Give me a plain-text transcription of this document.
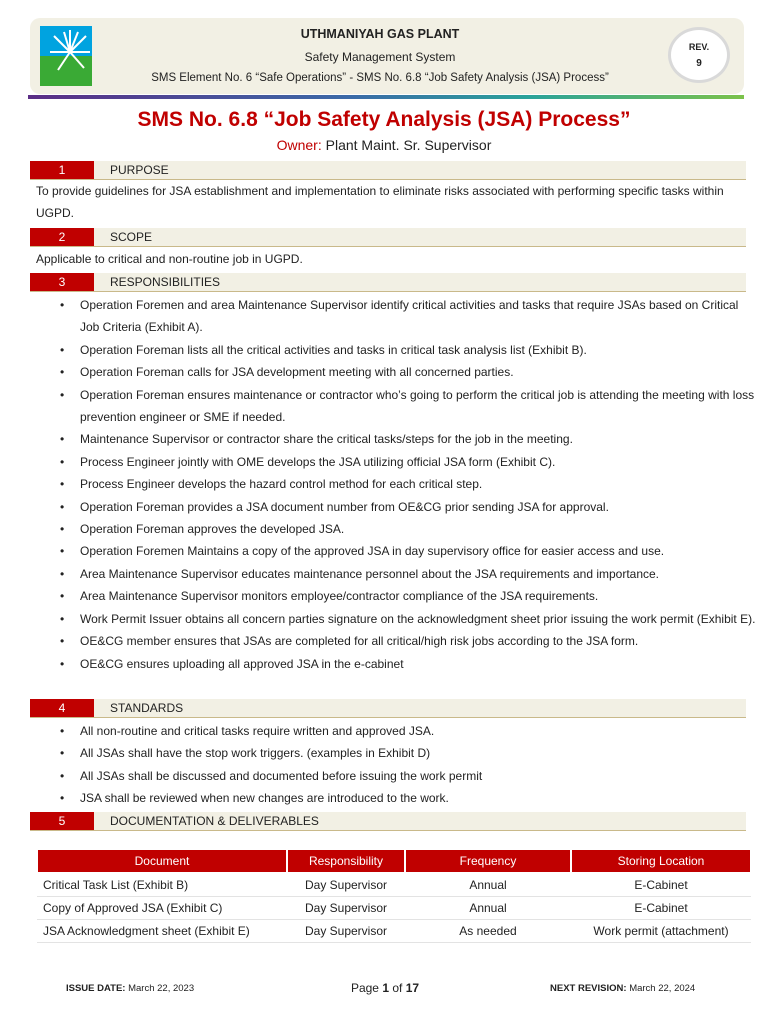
UTHMANIYAH GAS PLANT
Safety Management System
SMS Element No. 6 “Safe Operations” - SMS No. 6.8 “Job Safety Analysis (JSA) Process”
REV.
9
SMS No. 6.8 “Job Safety Analysis (JSA) Process”
Owner: Plant Maint. Sr. Supervisor
1	PURPOSE
To provide guidelines for JSA establishment and implementation to eliminate risks associated with performing specific tasks within UGPD.
2	SCOPE
Applicable to critical and non-routine job in UGPD.
3	RESPONSIBILITIES
• Operation Foremen and area Maintenance Supervisor identify critical activities and tasks that require JSAs based on Critical Job Criteria (Exhibit A).
• Operation Foreman lists all the critical activities and tasks in critical task analysis list (Exhibit B).
• Operation Foreman calls for JSA development meeting with all concerned parties.
• Operation Foreman ensures maintenance or contractor who’s going to perform the critical job is attending the meeting with loss prevention engineer or SME if needed.
• Maintenance Supervisor or contractor share the critical tasks/steps for the job in the meeting.
• Process Engineer jointly with OME develops the JSA utilizing official JSA form (Exhibit C).
• Process Engineer develops the hazard control method for each critical step.
• Operation Foreman provides a JSA document number from OE&CG prior sending JSA for approval.
• Operation Foreman approves the developed JSA.
• Operation Foremen Maintains a copy of the approved JSA in day supervisory office for easier access and use.
• Area Maintenance Supervisor educates maintenance personnel about the JSA requirements and importance.
• Area Maintenance Supervisor monitors employee/contractor compliance of the JSA requirements.
• Work Permit Issuer obtains all concern parties signature on the acknowledgment sheet prior issuing the work permit (Exhibit E).
• OE&CG member ensures that JSAs are completed for all critical/high risk jobs according to the JSA form.
• OE&CG ensures uploading all approved JSA in the e-cabinet
4	STANDARDS
• All non-routine and critical tasks require written and approved JSA.
• All JSAs shall have the stop work triggers. (examples in Exhibit D)
• All JSAs shall be discussed and documented before issuing the work permit
• JSA shall be reviewed when new changes are introduced to the work.
5	DOCUMENTATION & DELIVERABLES
Document	Responsibility	Frequency	Storing Location
Critical Task List (Exhibit B)	Day Supervisor	Annual	E-Cabinet
Copy of Approved JSA (Exhibit C)	Day Supervisor	Annual	E-Cabinet
JSA Acknowledgment sheet (Exhibit E)	Day Supervisor	As needed	Work permit (attachment)
ISSUE DATE: March 22, 2023	Page 1 of 17	NEXT REVISION: March 22, 2024
